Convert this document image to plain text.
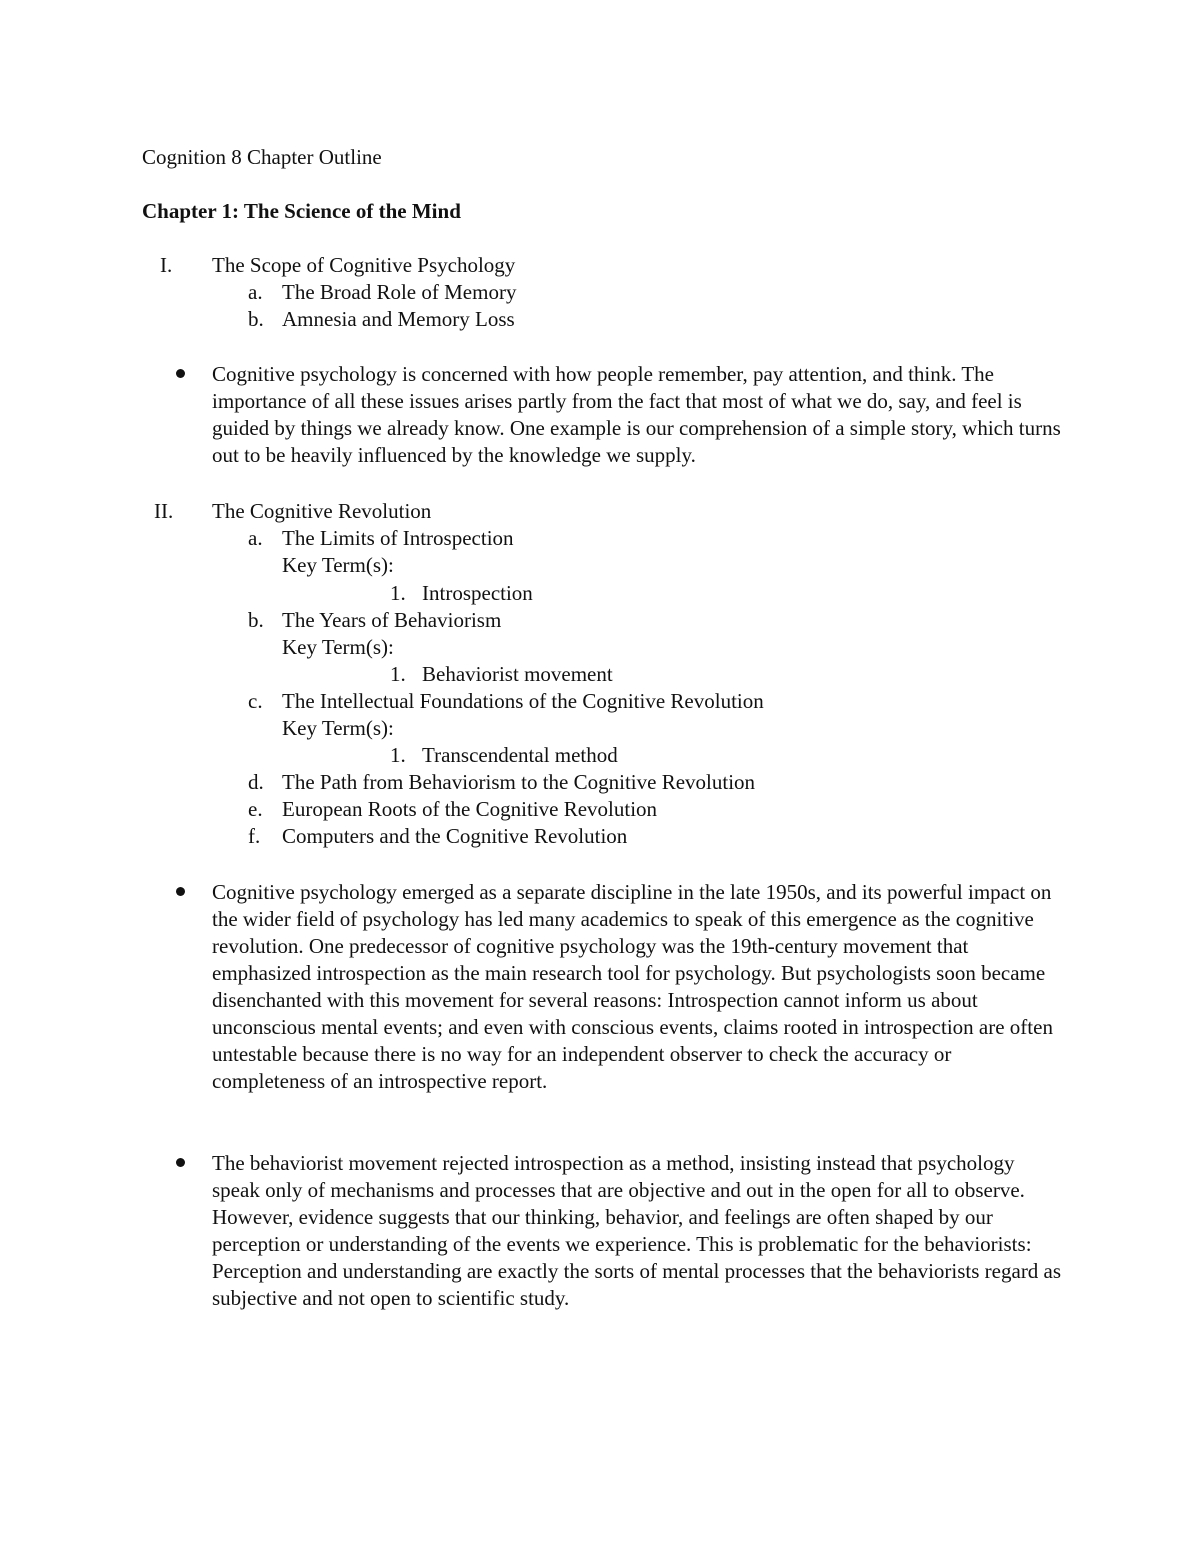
Cognition 8 Chapter Outline
Chapter 1: The Science of the Mind
I. The Scope of Cognitive Psychology
a. The Broad Role of Memory
b. Amnesia and Memory Loss

Cognitive psychology is concerned with how people remember, pay attention, and think. The importance of all these issues arises partly from the fact that most of what we do, say, and feel is guided by things we already know. One example is our comprehension of a simple story, which turns out to be heavily influenced by the knowledge we supply.

II. The Cognitive Revolution
a. The Limits of Introspection
Key Term(s):
1. Introspection
b. The Years of Behaviorism
Key Term(s):
1. Behaviorist movement
c. The Intellectual Foundations of the Cognitive Revolution
Key Term(s):
1. Transcendental method
d. The Path from Behaviorism to the Cognitive Revolution
e. European Roots of the Cognitive Revolution
f. Computers and the Cognitive Revolution

Cognitive psychology emerged as a separate discipline in the late 1950s, and its powerful impact on the wider field of psychology has led many academics to speak of this emergence as the cognitive revolution. One predecessor of cognitive psychology was the 19th-century movement that emphasized introspection as the main research tool for psychology. But psychologists soon became disenchanted with this movement for several reasons: Introspection cannot inform us about unconscious mental events; and even with conscious events, claims rooted in introspection are often untestable because there is no way for an independent observer to check the accuracy or completeness of an introspective report.

The behaviorist movement rejected introspection as a method, insisting instead that psychology speak only of mechanisms and processes that are objective and out in the open for all to observe. However, evidence suggests that our thinking, behavior, and feelings are often shaped by our perception or understanding of the events we experience. This is problematic for the behaviorists: Perception and understanding are exactly the sorts of mental processes that the behaviorists regard as subjective and not open to scientific study.
